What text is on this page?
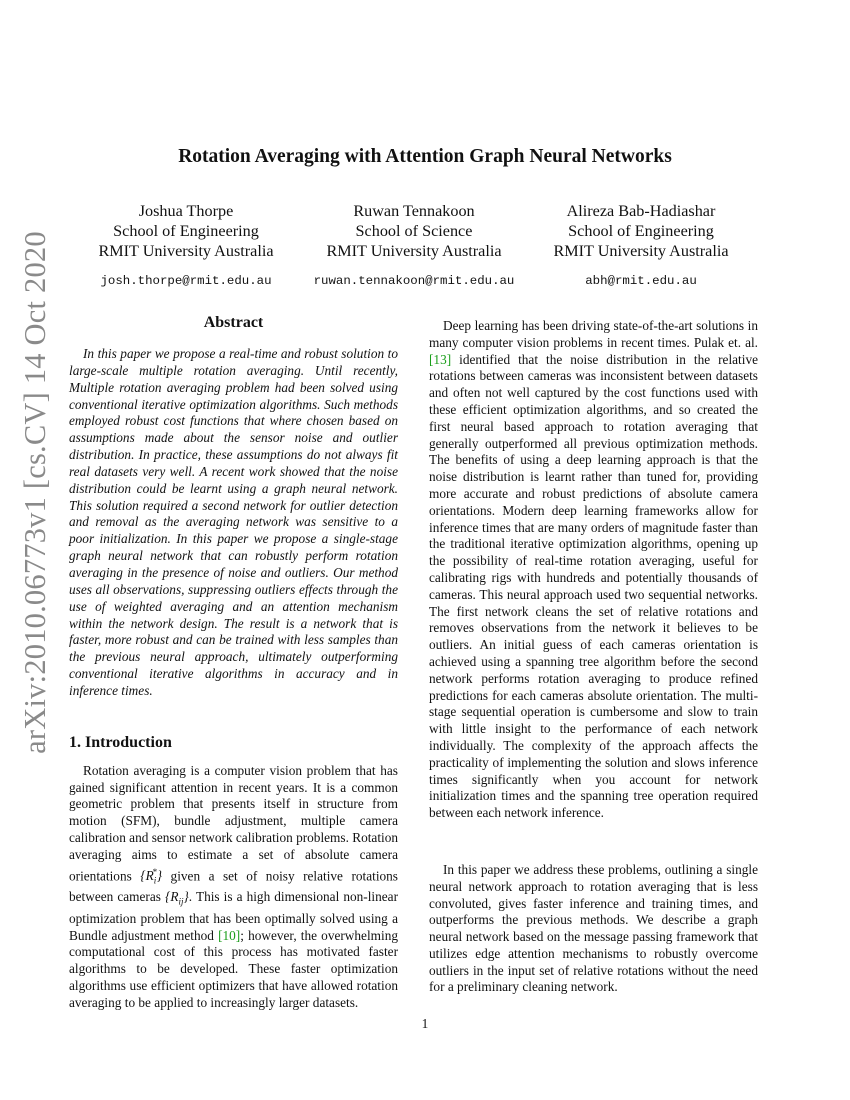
arXiv:2010.06773v1 [cs.CV] 14 Oct 2020
Rotation Averaging with Attention Graph Neural Networks
Joshua Thorpe
School of Engineering
RMIT University Australia
josh.thorpe@rmit.edu.au
Ruwan Tennakoon
School of Science
RMIT University Australia
ruwan.tennakoon@rmit.edu.au
Alireza Bab-Hadiashar
School of Engineering
RMIT University Australia
abh@rmit.edu.au
Abstract

In this paper we propose a real-time and robust solution to large-scale multiple rotation averaging. Until recently, Multiple rotation averaging problem had been solved using conventional iterative optimization algorithms. Such methods employed robust cost functions that where chosen based on assumptions made about the sensor noise and outlier distribution. In practice, these assumptions do not always fit real datasets very well. A recent work showed that the noise distribution could be learnt using a graph neural network. This solution required a second network for outlier detection and removal as the averaging network was sensitive to a poor initialization. In this paper we propose a single-stage graph neural network that can robustly perform rotation averaging in the presence of noise and outliers. Our method uses all observations, suppressing outliers effects through the use of weighted averaging and an attention mechanism within the network design. The result is a network that is faster, more robust and can be trained with less samples than the previous neural approach, ultimately outperforming conventional iterative algorithms in accuracy and in inference times.

1. Introduction

Rotation averaging is a computer vision problem that has gained significant attention in recent years. It is a common geometric problem that presents itself in structure from motion (SFM), bundle adjustment, multiple camera calibration and sensor network calibration problems. Rotation averaging aims to estimate a set of absolute camera orientations $\{R_i^*\}$ given a set of noisy relative rotations between cameras $\{R_{ij}\}$. This is a high dimensional non-linear optimization problem that has been optimally solved using a Bundle adjustment method [10]; however, the overwhelming computational cost of this process has motivated faster algorithms to be developed. These faster optimization algorithms use efficient optimizers that have allowed rotation averaging to be applied to increasingly larger datasets.

Deep learning has been driving state-of-the-art solutions in many computer vision problems in recent times. Pulak et. al. [13] identified that the noise distribution in the relative rotations between cameras was inconsistent between datasets and often not well captured by the cost functions used with these efficient optimization algorithms, and so created the first neural based approach to rotation averaging that generally outperformed all previous optimization methods. The benefits of using a deep learning approach is that the noise distribution is learnt rather than tuned for, providing more accurate and robust predictions of absolute camera orientations. Modern deep learning frameworks allow for inference times that are many orders of magnitude faster than the traditional iterative optimization algorithms, opening up the possibility of real-time rotation averaging, useful for calibrating rigs with hundreds and potentially thousands of cameras. This neural approach used two sequential networks. The first network cleans the set of relative rotations and removes observations from the network it believes to be outliers. An initial guess of each cameras orientation is achieved using a spanning tree algorithm before the second network performs rotation averaging to produce refined predictions for each cameras absolute orientation. The multi-stage sequential operation is cumbersome and slow to train with little insight to the performance of each network individually. The complexity of the approach affects the practicality of implementing the solution and slows inference times significantly when you account for network initialization times and the spanning tree operation required between each network inference.

In this paper we address these problems, outlining a single neural network approach to rotation averaging that is less convoluted, gives faster inference and training times, and outperforms the previous methods. We describe a graph neural network based on the message passing framework that utilizes edge attention mechanisms to robustly overcome outliers in the input set of relative rotations without the need for a preliminary cleaning network.

1
